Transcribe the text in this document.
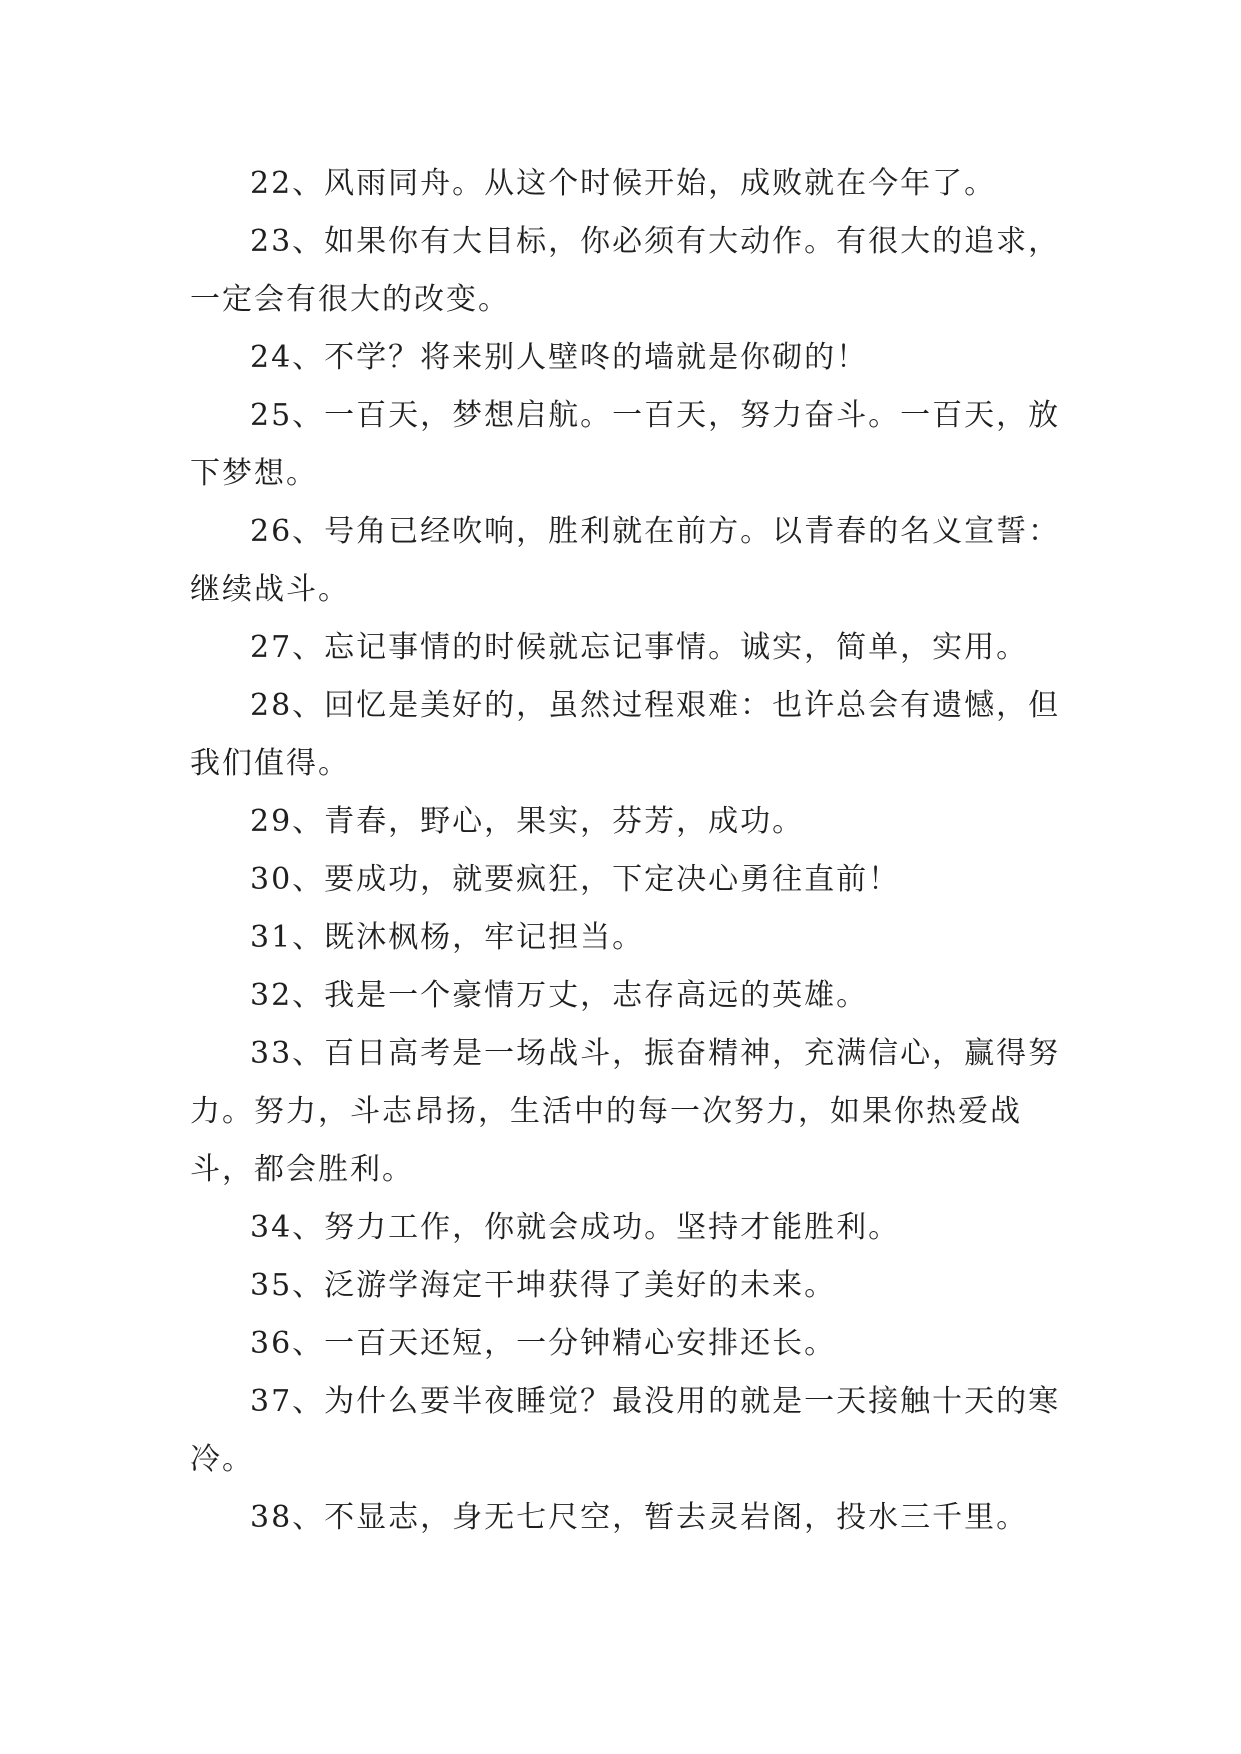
22、风雨同舟。从这个时候开始，成败就在今年了。

23、如果你有大目标，你必须有大动作。有很大的追求，一定会有很大的改变。

24、不学？将来别人壁咚的墙就是你砌的！

25、一百天，梦想启航。一百天，努力奋斗。一百天，放下梦想。

26、号角已经吹响，胜利就在前方。以青春的名义宣誓：继续战斗。

27、忘记事情的时候就忘记事情。诚实，简单，实用。

28、回忆是美好的，虽然过程艰难：也许总会有遗憾，但我们值得。

29、青春，野心，果实，芬芳，成功。

30、要成功，就要疯狂，下定决心勇往直前！

31、既沐枫杨，牢记担当。

32、我是一个豪情万丈，志存高远的英雄。

33、百日高考是一场战斗，振奋精神，充满信心，赢得努力。努力，斗志昂扬，生活中的每一次努力，如果你热爱战斗，都会胜利。

34、努力工作，你就会成功。坚持才能胜利。

35、泛游学海定干坤获得了美好的未来。

36、一百天还短，一分钟精心安排还长。

37、为什么要半夜睡觉？最没用的就是一天接触十天的寒冷。

38、不显志，身无七尺空，暂去灵岩阁，投水三千里。
